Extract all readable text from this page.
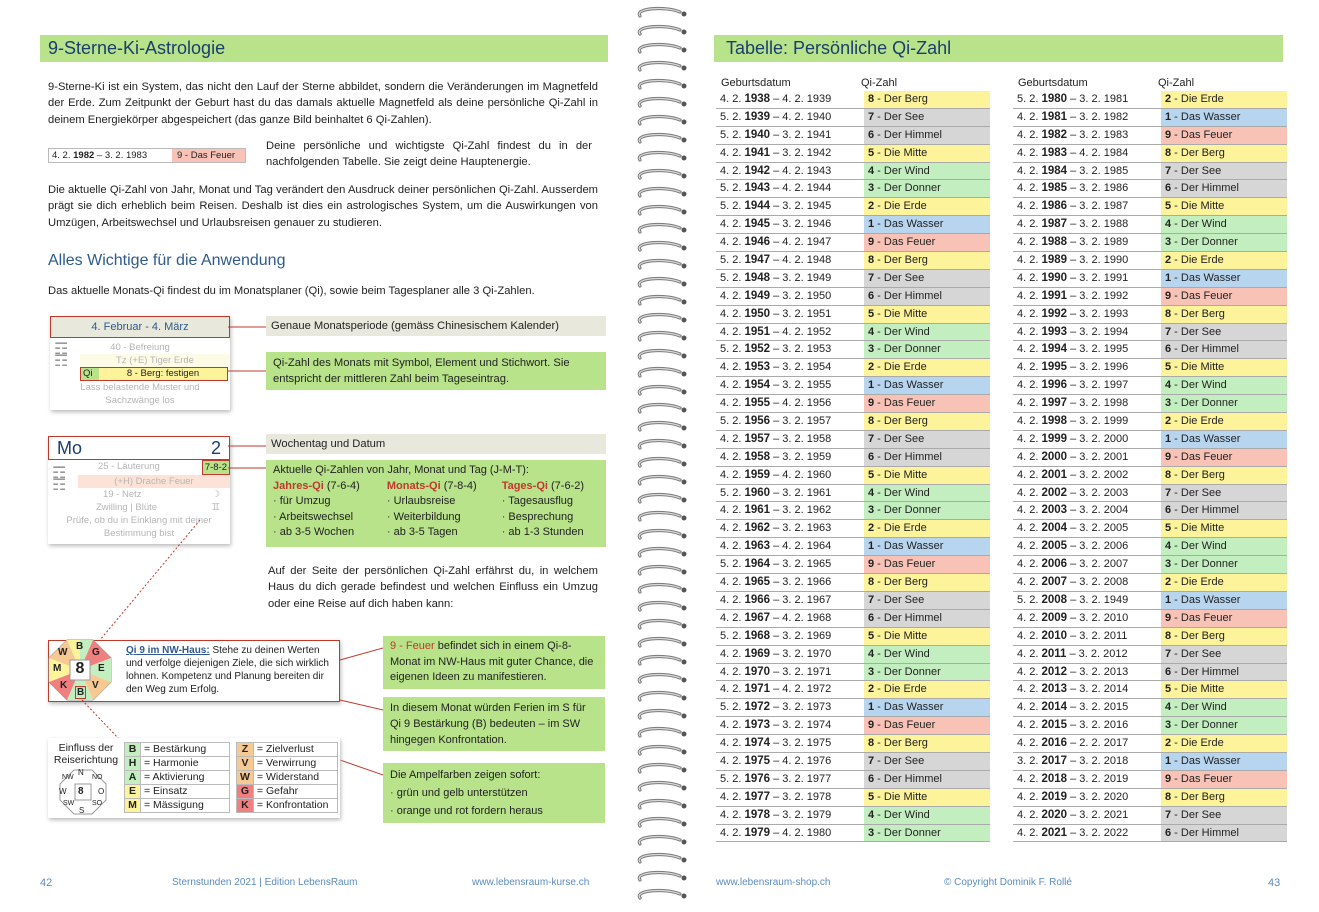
9-Sterne-Ki-Astrologie
9-Sterne-Ki ist ein System, das nicht den Lauf der Sterne abbildet, sondern die Veränderungen im Magnetfeld der Erde. Zum Zeitpunkt der Geburt hast du das damals aktuelle Magnetfeld als deine persönliche Qi-Zahl in deinem Energiekörper abgespeichert (das ganze Bild beinhaltet 6 Qi-Zahlen).
4. 2. 1982 – 3. 2. 1983	9 - Das Feuer
Deine persönliche und wichtigste Qi-Zahl findest du in der nachfolgenden Tabelle. Sie zeigt deine Hauptenergie.
Die aktuelle Qi-Zahl von Jahr, Monat und Tag verändert den Ausdruck deiner persönlichen Qi-Zahl. Ausserdem prägt sie dich erheblich beim Reisen. Deshalb ist dies ein astrologisches System, um die Auswirkungen von Umzügen, Arbeitswechsel und Urlaubsreisen genauer zu studieren.
Alles Wichtige für die Anwendung
Das aktuelle Monats-Qi findest du im Monatsplaner (Qi), sowie beim Tagesplaner alle 3 Qi-Zahlen.
4. Februar - 4. März
☶
☶
40 - Befreiung
Tz (+E) Tiger Erde
Qi	8 - Berg: festigen
Lass belastende Muster und
Sachzwänge los
Genaue Monatsperiode (gemäss Chinesischem Kalender)
Qi-Zahl des Monats mit Symbol, Element und Stichwort. Sie entspricht der mittleren Zahl beim Tageseintrag.
Mo	2
☶
☶
25 - Läuterung	7-8-2
(+H) Drache Feuer
19 - Netz	☽
Zwilling | Blüte	♊
Prüfe, ob du in Einklang mit deiner
Bestimmung bist
Wochentag und Datum
Aktuelle Qi-Zahlen von Jahr, Monat und Tag (J-M-T):
Jahres-Qi (7-6-4)
· für Umzug
· Arbeitswechsel
· ab 3-5 Wochen
Monats-Qi (7-8-4)
· Urlaubsreise
· Weiterbildung
· ab 3-5 Tagen
Tages-Qi (7-6-2)
· Tagesausflug
· Besprechung
· ab 1-3 Stunden
Auf der Seite der persönlichen Qi-Zahl erfährst du, in welchem Haus du dich gerade befindest und welchen Einfluss ein Umzug oder eine Reise auf dich haben kann:
8
W
B
G
V
E
K
M
B
Qi 9 im NW-Haus: Stehe zu deinen Werten und verfolge diejenigen Ziele, die sich wirklich lohnen. Kompetenz und Planung bereiten dir den Weg zum Erfolg.
9 - Feuer befindet sich in einem Qi-8-Monat im NW-Haus mit guter Chance, die eigenen Ideen zu manifestieren.
In diesem Monat würden Ferien im S für Qi 9 Bestärkung (B) bedeuten – im SW hingegen Konfrontation.
Einfluss der Reiserichtung
N
NO
O
SO
S
SW
W
NW
8
B	= Bestärkung
H	= Harmonie
A	= Aktivierung
E	= Einsatz
M	= Mässigung
Z	= Zielverlust
V	= Verwirrung
W	= Widerstand
G	= Gefahr
K	= Konfrontation
Die Ampelfarben zeigen sofort:
· grün und gelb unterstützen
· orange und rot fordern heraus
42	Sternstunden 2021 | Edition LebensRaum	www.lebensraum-kurse.ch
Tabelle: Persönliche Qi-Zahl
Geburtsdatum	Qi-Zahl
4. 2. 1938 – 4. 2. 1939	8 - Der Berg
5. 2. 1939 – 4. 2. 1940	7 - Der See
5. 2. 1940 – 3. 2. 1941	6 - Der Himmel
4. 2. 1941 – 3. 2. 1942	5 - Die Mitte
4. 2. 1942 – 4. 2. 1943	4 - Der Wind
5. 2. 1943 – 4. 2. 1944	3 - Der Donner
5. 2. 1944 – 3. 2. 1945	2 - Die Erde
4. 2. 1945 – 3. 2. 1946	1 - Das Wasser
4. 2. 1946 – 4. 2. 1947	9 - Das Feuer
5. 2. 1947 – 4. 2. 1948	8 - Der Berg
5. 2. 1948 – 3. 2. 1949	7 - Der See
4. 2. 1949 – 3. 2. 1950	6 - Der Himmel
4. 2. 1950 – 3. 2. 1951	5 - Die Mitte
4. 2. 1951 – 4. 2. 1952	4 - Der Wind
5. 2. 1952 – 3. 2. 1953	3 - Der Donner
4. 2. 1953 – 3. 2. 1954	2 - Die Erde
4. 2. 1954 – 3. 2. 1955	1 - Das Wasser
4. 2. 1955 – 4. 2. 1956	9 - Das Feuer
5. 2. 1956 – 3. 2. 1957	8 - Der Berg
4. 2. 1957 – 3. 2. 1958	7 - Der See
4. 2. 1958 – 3. 2. 1959	6 - Der Himmel
4. 2. 1959 – 4. 2. 1960	5 - Die Mitte
5. 2. 1960 – 3. 2. 1961	4 - Der Wind
4. 2. 1961 – 3. 2. 1962	3 - Der Donner
4. 2. 1962 – 3. 2. 1963	2 - Die Erde
4. 2. 1963 – 4. 2. 1964	1 - Das Wasser
5. 2. 1964 – 3. 2. 1965	9 - Das Feuer
4. 2. 1965 – 3. 2. 1966	8 - Der Berg
4. 2. 1966 – 3. 2. 1967	7 - Der See
4. 2. 1967 – 4. 2. 1968	6 - Der Himmel
5. 2. 1968 – 3. 2. 1969	5 - Die Mitte
4. 2. 1969 – 3. 2. 1970	4 - Der Wind
4. 2. 1970 – 3. 2. 1971	3 - Der Donner
4. 2. 1971 – 4. 2. 1972	2 - Die Erde
5. 2. 1972 – 3. 2. 1973	1 - Das Wasser
4. 2. 1973 – 3. 2. 1974	9 - Das Feuer
4. 2. 1974 – 3. 2. 1975	8 - Der Berg
4. 2. 1975 – 4. 2. 1976	7 - Der See
5. 2. 1976 – 3. 2. 1977	6 - Der Himmel
4. 2. 1977 – 3. 2. 1978	5 - Die Mitte
4. 2. 1978 – 3. 2. 1979	4 - Der Wind
4. 2. 1979 – 4. 2. 1980	3 - Der Donner
Geburtsdatum	Qi-Zahl
5. 2. 1980 – 3. 2. 1981	2 - Die Erde
4. 2. 1981 – 3. 2. 1982	1 - Das Wasser
4. 2. 1982 – 3. 2. 1983	9 - Das Feuer
4. 2. 1983 – 4. 2. 1984	8 - Der Berg
4. 2. 1984 – 3. 2. 1985	7 - Der See
4. 2. 1985 – 3. 2. 1986	6 - Der Himmel
4. 2. 1986 – 3. 2. 1987	5 - Die Mitte
4. 2. 1987 – 3. 2. 1988	4 - Der Wind
4. 2. 1988 – 3. 2. 1989	3 - Der Donner
4. 2. 1989 – 3. 2. 1990	2 - Die Erde
4. 2. 1990 – 3. 2. 1991	1 - Das Wasser
4. 2. 1991 – 3. 2. 1992	9 - Das Feuer
4. 2. 1992 – 3. 2. 1993	8 - Der Berg
4. 2. 1993 – 3. 2. 1994	7 - Der See
4. 2. 1994 – 3. 2. 1995	6 - Der Himmel
4. 2. 1995 – 3. 2. 1996	5 - Die Mitte
4. 2. 1996 – 3. 2. 1997	4 - Der Wind
4. 2. 1997 – 3. 2. 1998	3 - Der Donner
4. 2. 1998 – 3. 2. 1999	2 - Die Erde
4. 2. 1999 – 3. 2. 2000	1 - Das Wasser
4. 2. 2000 – 3. 2. 2001	9 - Das Feuer
4. 2. 2001 – 3. 2. 2002	8 - Der Berg
4. 2. 2002 – 3. 2. 2003	7 - Der See
4. 2. 2003 – 3. 2. 2004	6 - Der Himmel
4. 2. 2004 – 3. 2. 2005	5 - Die Mitte
4. 2. 2005 – 3. 2. 2006	4 - Der Wind
4. 2. 2006 – 3. 2. 2007	3 - Der Donner
4. 2. 2007 – 3. 2. 2008	2 - Die Erde
5. 2. 2008 – 3. 2. 1949	1 - Das Wasser
4. 2. 2009 – 3. 2. 2010	9 - Das Feuer
4. 2. 2010 – 3. 2. 2011	8 - Der Berg
4. 2. 2011 – 3. 2. 2012	7 - Der See
4. 2. 2012 – 3. 2. 2013	6 - Der Himmel
4. 2. 2013 – 3. 2. 2014	5 - Die Mitte
4. 2. 2014 – 3. 2. 2015	4 - Der Wind
4. 2. 2015 – 3. 2. 2016	3 - Der Donner
4. 2. 2016 – 2. 2. 2017	2 - Die Erde
3. 2. 2017 – 3. 2. 2018	1 - Das Wasser
4. 2. 2018 – 3. 2. 2019	9 - Das Feuer
4. 2. 2019 – 3. 2. 2020	8 - Der Berg
4. 2. 2020 – 3. 2. 2021	7 - Der See
4. 2. 2021 – 3. 2. 2022	6 - Der Himmel
www.lebensraum-shop.ch	© Copyright Dominik F. Rollé	43
